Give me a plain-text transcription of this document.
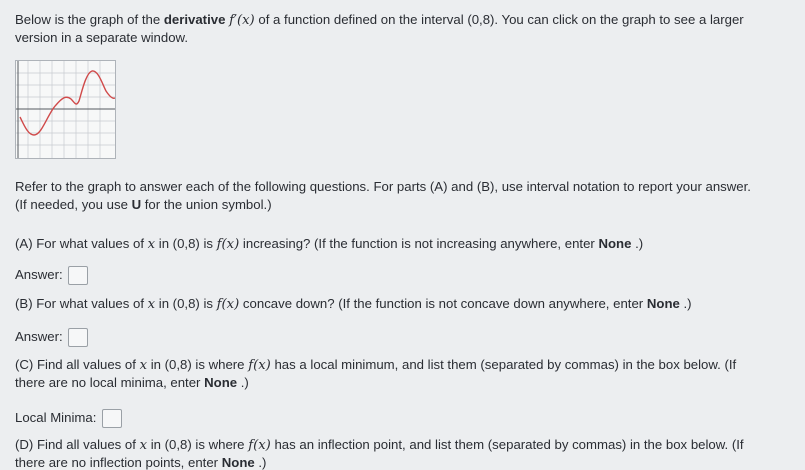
Below is the graph of the derivative f′(x) of a function defined on the interval (0,8). You can click on the graph to see a larger
version in a separate window.
Refer to the graph to answer each of the following questions. For parts (A) and (B), use interval notation to report your answer.
(If needed, you use U for the union symbol.)
(A) For what values of x in (0,8) is f(x) increasing? (If the function is not increasing anywhere, enter None .)
Answer:
(B) For what values of x in (0,8) is f(x) concave down? (If the function is not concave down anywhere, enter None .)
Answer:
(C) Find all values of x in (0,8) is where f(x) has a local minimum, and list them (separated by commas) in the box below. (If
there are no local minima, enter None .)
Local Minima:
(D) Find all values of x in (0,8) is where f(x) has an inflection point, and list them (separated by commas) in the box below. (If
there are no inflection points, enter None .)
